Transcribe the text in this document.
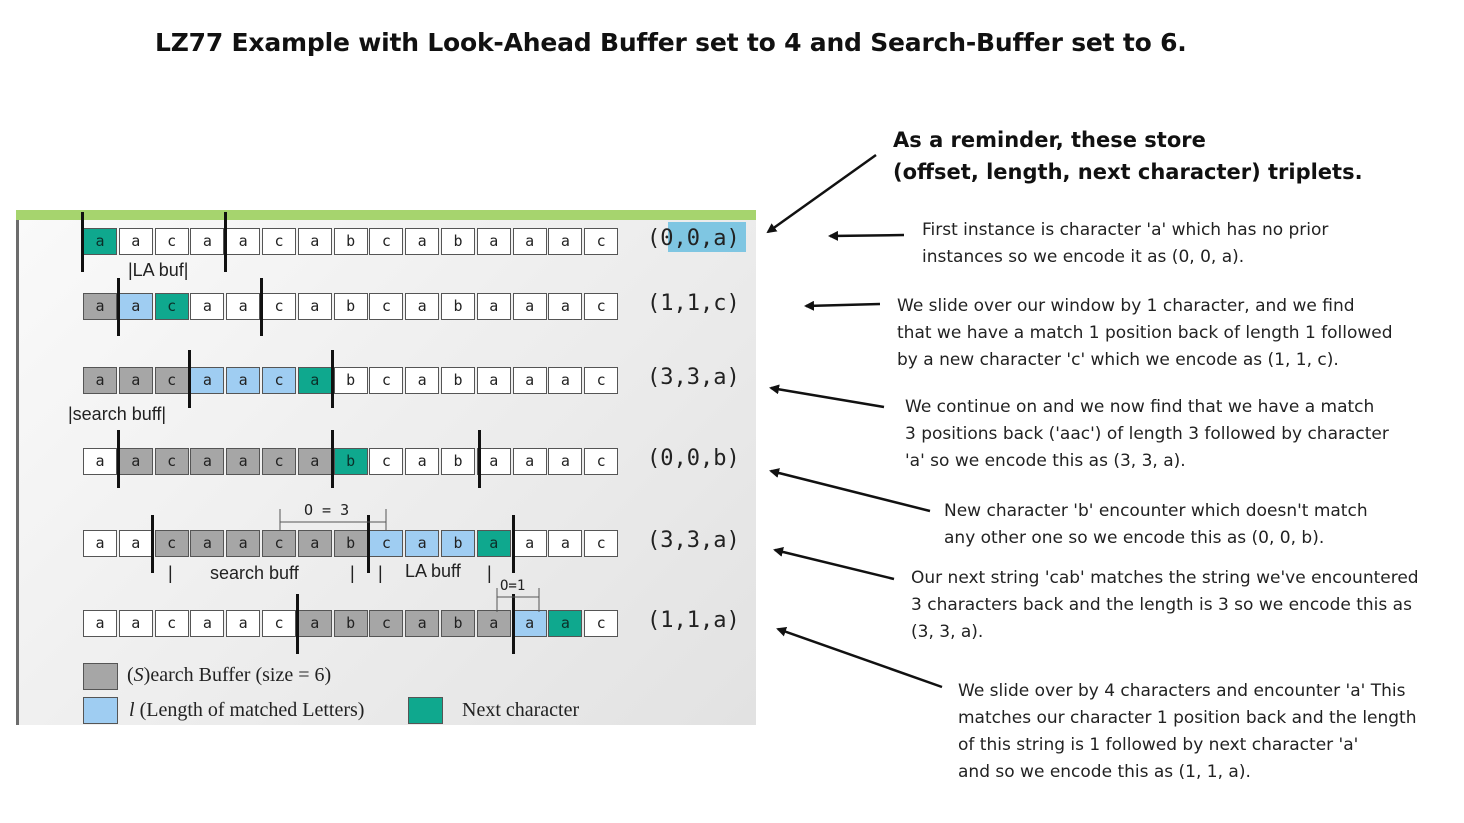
LZ77 Example with Look-Ahead Buffer set to 4 and Search-Buffer set to 6.
As a reminder, these store
(offset, length, next character) triplets.
a	a	c	a	a	c	a	b	c	a	b	a	a	a	c	(0,0,a)
a	a	c	a	a	c	a	b	c	a	b	a	a	a	c	(1,1,c)
a	a	c	a	a	c	a	b	c	a	b	a	a	a	c	(3,3,a)
a	a	c	a	a	c	a	b	c	a	b	a	a	a	c	(0,0,b)
a	a	c	a	a	c	a	b	c	a	b	a	a	a	c	(3,3,a)
a	a	c	a	a	c	a	b	c	a	b	a	a	a	c	(1,1,a)
|LA buf|
|search buff|
| search buff	| | LA buff |
O = 3
O=1
(S)earch Buffer (size = 6)
l (Length of matched Letters)	Next character
First instance is character 'a' which has no prior
instances so we encode it as (0, 0, a).
We slide over our window by 1 character, and we find
that we have a match 1 position back of length 1 followed
by a new character 'c' which we encode as (1, 1, c).
We continue on and we now find that we have a match
3 positions back ('aac') of length 3 followed by character
'a' so we encode this as (3, 3, a).
New character 'b' encounter which doesn't match
any other one so we encode this as (0, 0, b).
Our next string 'cab' matches the string we've encountered
3 characters back and the length is 3 so we encode this as
(3, 3, a).
We slide over by 4 characters and encounter 'a' This
matches our character 1 position back and the length
of this string is 1 followed by next character 'a'
and so we encode this as (1, 1, a).
